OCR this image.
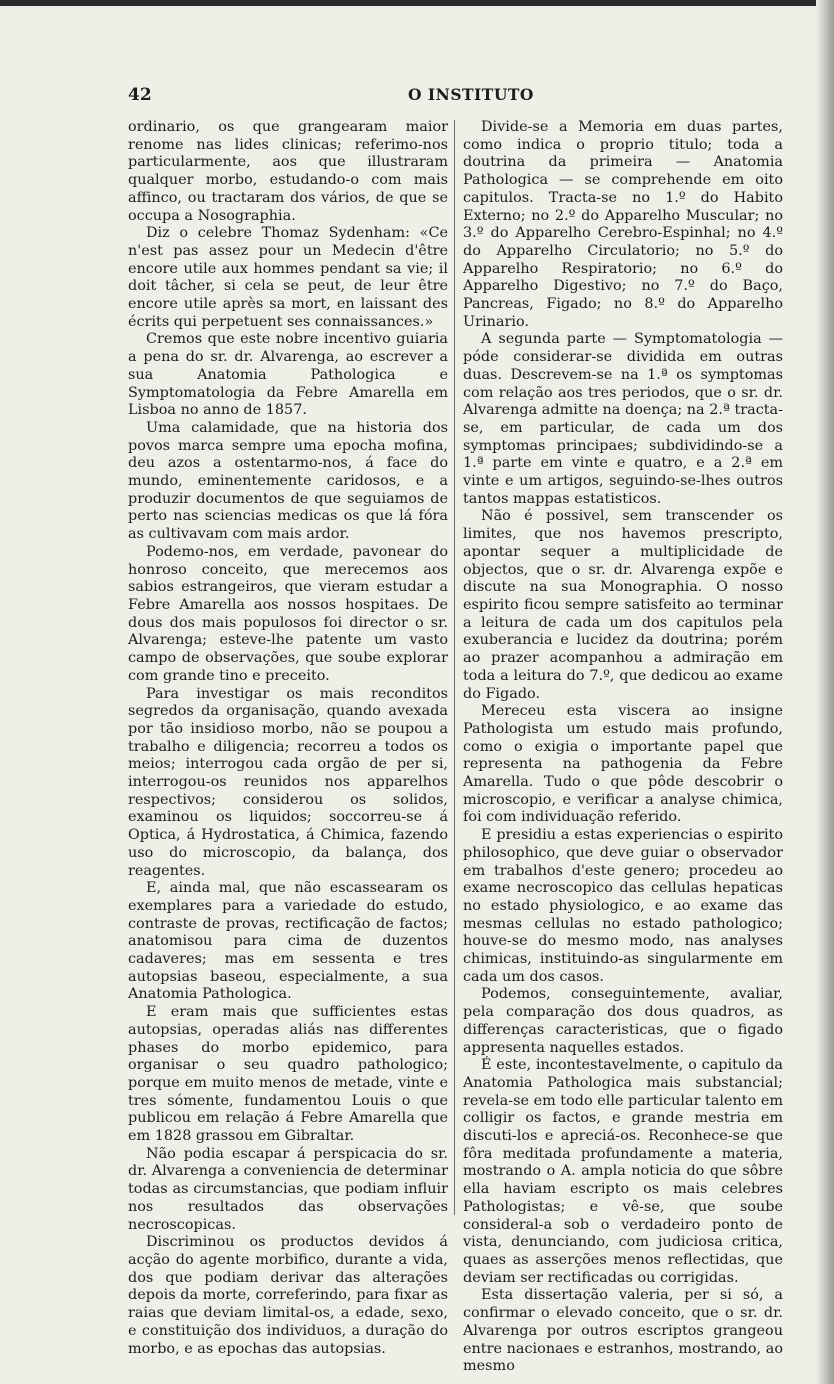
42	O INSTITUTO

ordinario, os que grangearam maior renome nas lides clinicas; referimo-nos particularmente, aos que illustraram qualquer morbo, estudando-o com mais affinco, ou tractaram dos vários, de que se occupa a Nosographia.

Diz o celebre Thomaz Sydenham: «Ce n'est pas assez pour un Medecin d'être encore utile aux hommes pendant sa vie; il doit tâcher, si cela se peut, de leur être encore utile après sa mort, en laissant des écrits qui perpetuent ses connaissances.»

Cremos que este nobre incentivo guiaria a pena do sr. dr. Alvarenga, ao escrever a sua Anatomia Pathologica e Symptomatologia da Febre Amarella em Lisboa no anno de 1857.

Uma calamidade, que na historia dos povos marca sempre uma epocha mofina, deu azos a ostentarmo-nos, á face do mundo, eminentemente caridosos, e a produzir documentos de que seguiamos de perto nas sciencias medicas os que lá fóra as cultivavam com mais ardor.

Podemo-nos, em verdade, pavonear do honroso conceito, que merecemos aos sabios estrangeiros, que vieram estudar a Febre Amarella aos nossos hospitaes. De dous dos mais populosos foi director o sr. Alvarenga; esteve-lhe patente um vasto campo de observações, que soube explorar com grande tino e preceito.

Para investigar os mais reconditos segredos da organisação, quando avexada por tão insidioso morbo, não se poupou a trabalho e diligencia; recorreu a todos os meios; interrogou cada orgão de per si, interrogou-os reunidos nos apparelhos respectivos; considerou os solidos, examinou os liquidos; soccorreu-se á Optica, á Hydrostatica, á Chimica, fazendo uso do microscopio, da balança, dos reagentes.

E, ainda mal, que não escassearam os exemplares para a variedade do estudo, contraste de provas, rectificação de factos; anatomisou para cima de duzentos cadaveres; mas em sessenta e tres autopsias baseou, especialmente, a sua Anatomia Pathologica.

E eram mais que sufficientes estas autopsias, operadas aliás nas differentes phases do morbo epidemico, para organisar o seu quadro pathologico; porque em muito menos de metade, vinte e tres sómente, fundamentou Louis o que publicou em relação á Febre Amarella que em 1828 grassou em Gibraltar.

Não podia escapar á perspicacia do sr. dr. Alvarenga a conveniencia de determinar todas as circumstancias, que podiam influir nos resultados das observações necroscopicas.

Discriminou os productos devidos á acção do agente morbifico, durante a vida, dos que podiam derivar das alterações depois da morte, correferindo, para fixar as raias que deviam limital-os, a edade, sexo, e constituição dos individuos, a duração do morbo, e as epochas das autopsias.

Divide-se a Memoria em duas partes, como indica o proprio titulo; toda a doutrina da primeira — Anatomia Pathologica — se comprehende em oito capitulos. Tracta-se no 1.º do Habito Externo; no 2.º do Apparelho Muscular; no 3.º do Apparelho Cerebro-Espinhal; no 4.º do Apparelho Circulatorio; no 5.º do Apparelho Respiratorio; no 6.º do Apparelho Digestivo; no 7.º do Baço, Pancreas, Figado; no 8.º do Apparelho Urinario.

A segunda parte — Symptomatologia — póde considerar-se dividida em outras duas. Descrevem-se na 1.ª os symptomas com relação aos tres periodos, que o sr. dr. Alvarenga admitte na doença; na 2.ª tracta-se, em particular, de cada um dos symptomas principaes; subdividindo-se a 1.ª parte em vinte e quatro, e a 2.ª em vinte e um artigos, seguindo-se-lhes outros tantos mappas estatisticos.

Não é possivel, sem transcender os limites, que nos havemos prescripto, apontar sequer a multiplicidade de objectos, que o sr. dr. Alvarenga expõe e discute na sua Monographia. O nosso espirito ficou sempre satisfeito ao terminar a leitura de cada um dos capitulos pela exuberancia e lucidez da doutrina; porém ao prazer acompanhou a admiração em toda a leitura do 7.º, que dedicou ao exame do Figado.

Mereceu esta viscera ao insigne Pathologista um estudo mais profundo, como o exigia o importante papel que representa na pathogenia da Febre Amarella. Tudo o que pôde descobrir o microscopio, e verificar a analyse chimica, foi com individuação referido.

E presidiu a estas experiencias o espirito philosophico, que deve guiar o observador em trabalhos d'este genero; procedeu ao exame necroscopico das cellulas hepaticas no estado physiologico, e ao exame das mesmas cellulas no estado pathologico; houve-se do mesmo modo, nas analyses chimicas, instituindo-as singularmente em cada um dos casos.

Podemos, conseguintemente, avaliar, pela comparação dos dous quadros, as differenças caracteristicas, que o figado appresenta naquelles estados.

É este, incontestavelmente, o capitulo da Anatomia Pathologica mais substancial; revela-se em todo elle particular talento em colligir os factos, e grande mestria em discuti-los e apreciá-os. Reconhece-se que fôra meditada profundamente a materia, mostrando o A. ampla noticia do que sôbre ella haviam escripto os mais celebres Pathologistas; e vê-se, que soube consideral-a sob o verdadeiro ponto de vista, denunciando, com judiciosa critica, quaes as asserções menos reflectidas, que deviam ser rectificadas ou corrigidas.

Esta dissertação valeria, per si só, a confirmar o elevado conceito, que o sr. dr. Alvarenga por outros escriptos grangeou entre nacionaes e estranhos, mostrando, ao mesmo
